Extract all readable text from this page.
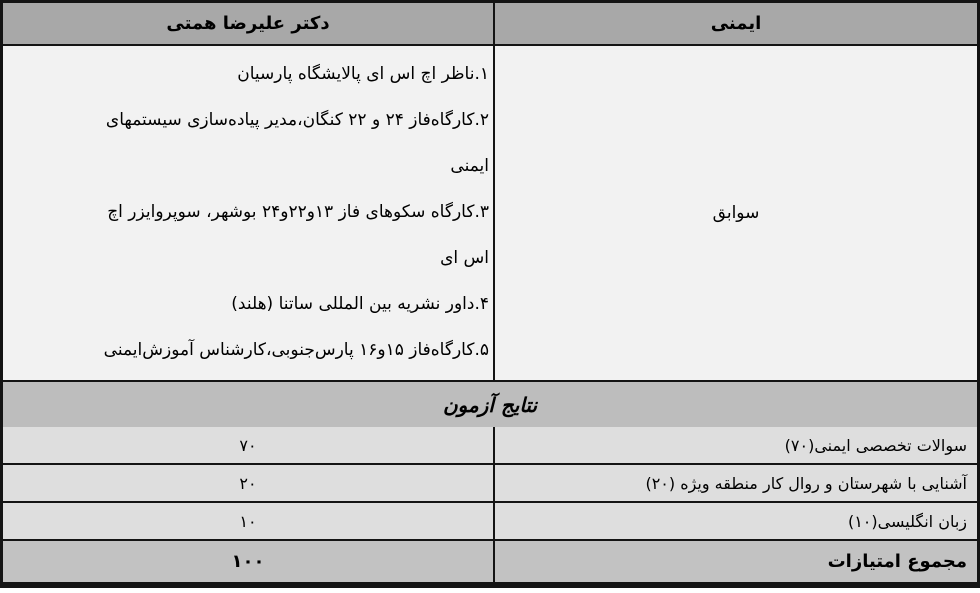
ایمنی
دکتر علیرضا همتی
سوابق
۱.ناظر اچ اس ای پالایشگاه پارسیان
۲.کارگاه‌فاز ۲۴ و ۲۲ کنگان،مدیر پیاده‌سازی سیستمهای
ایمنی
۳.کارگاه سکوهای فاز ۱۳و۲۲و۲۴ بوشهر، سوپروایزر اچ
اس ای
۴.داور نشریه بین المللی ساتنا (هلند)
۵.کارگاه‌فاز ۱۵و۱۶ پارس‌جنوبی،کارشناس آموزش‌ایمنی
نتایج آزمون
سوالات تخصصی ایمنی(۷۰)
۷۰
آشنایی با شهرستان و روال کار منطقه ویژه (۲۰)
۲۰
زبان انگلیسی(۱۰)
۱۰
مجموع امتیازات
۱۰۰
